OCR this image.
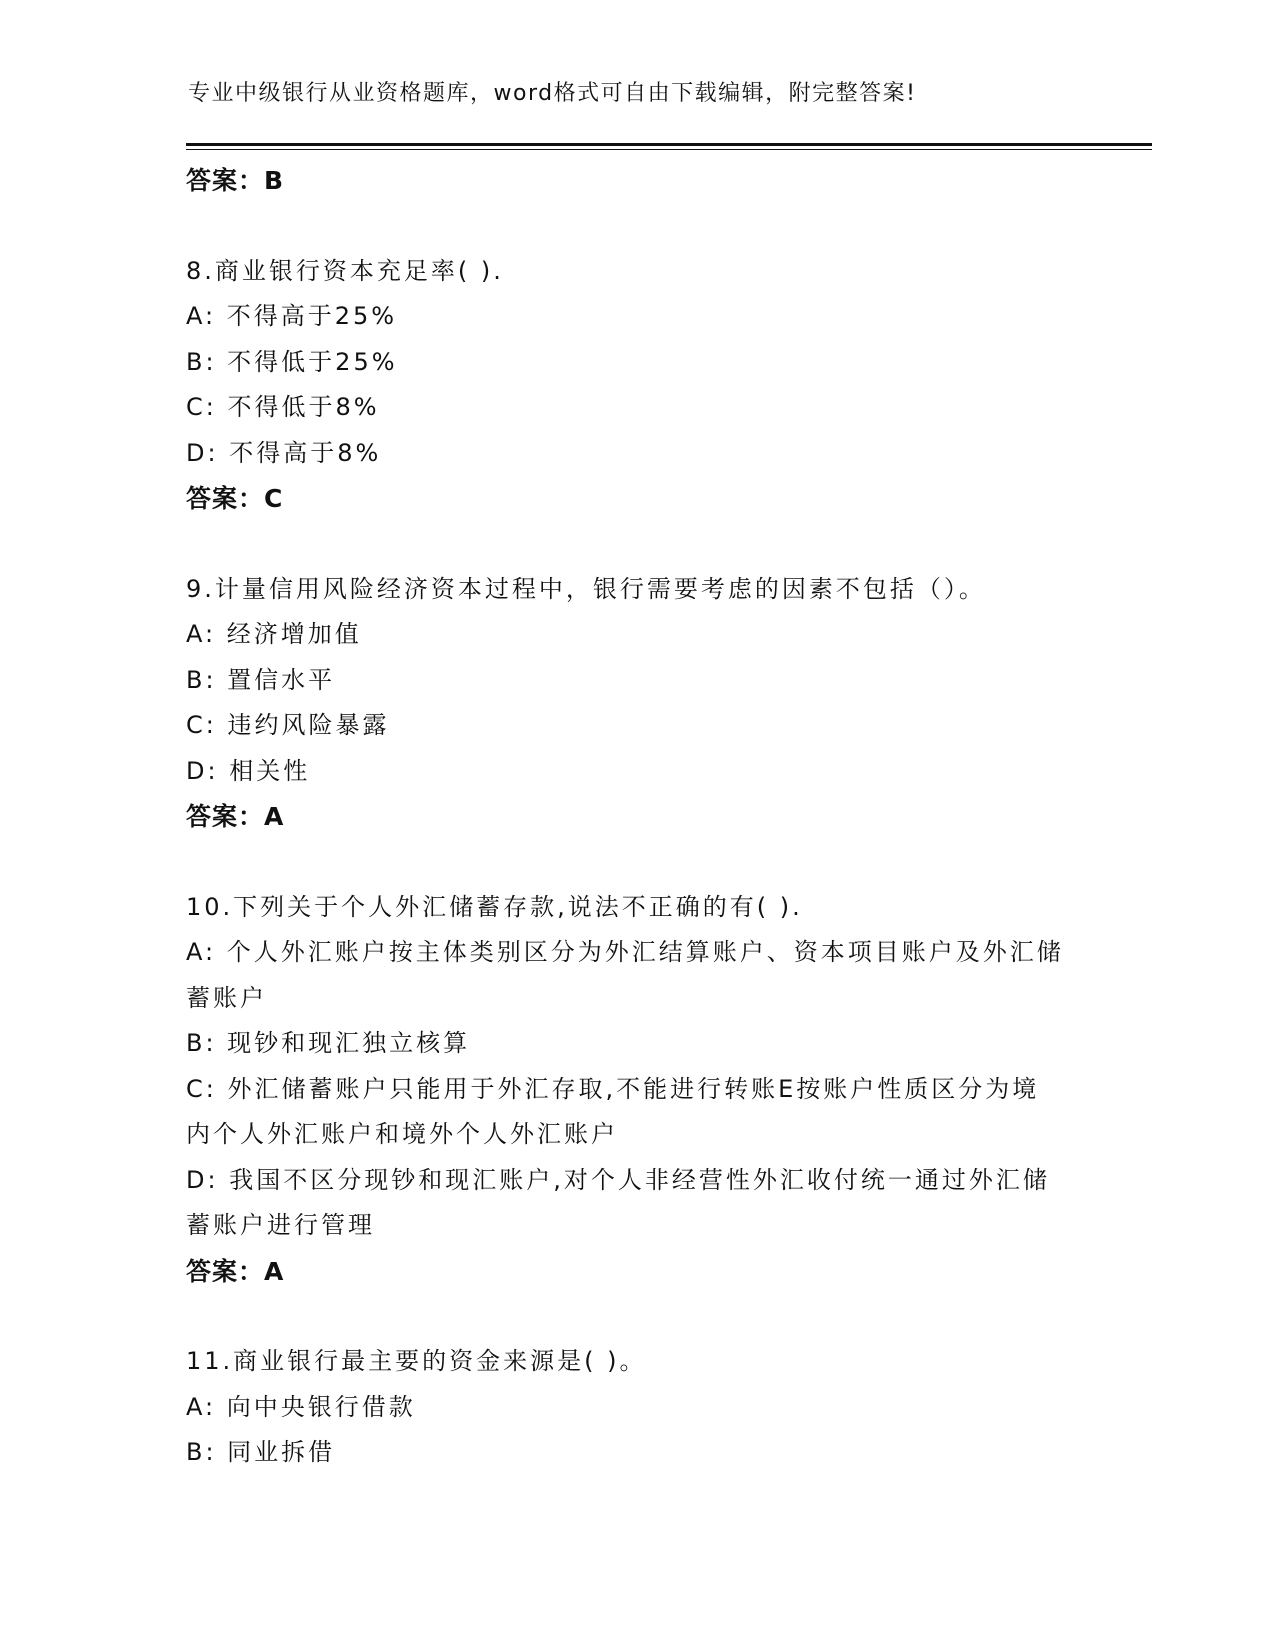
专业中级银行从业资格题库，word格式可自由下载编辑，附完整答案!
答案：B
8.商业银行资本充足率( ).
A: 不得高于25%
B: 不得低于25%
C: 不得低于8%
D: 不得高于8%
答案：C
9.计量信用风险经济资本过程中，银行需要考虑的因素不包括（）。
A: 经济增加值
B: 置信水平
C: 违约风险暴露
D: 相关性
答案：A
10.下列关于个人外汇储蓄存款,说法不正确的有( ).
A: 个人外汇账户按主体类别区分为外汇结算账户、资本项目账户及外汇储蓄账户
B: 现钞和现汇独立核算
C: 外汇储蓄账户只能用于外汇存取,不能进行转账E按账户性质区分为境内个人外汇账户和境外个人外汇账户
D: 我国不区分现钞和现汇账户,对个人非经营性外汇收付统一通过外汇储蓄账户进行管理
答案：A
11.商业银行最主要的资金来源是( )。
A: 向中央银行借款
B: 同业拆借
